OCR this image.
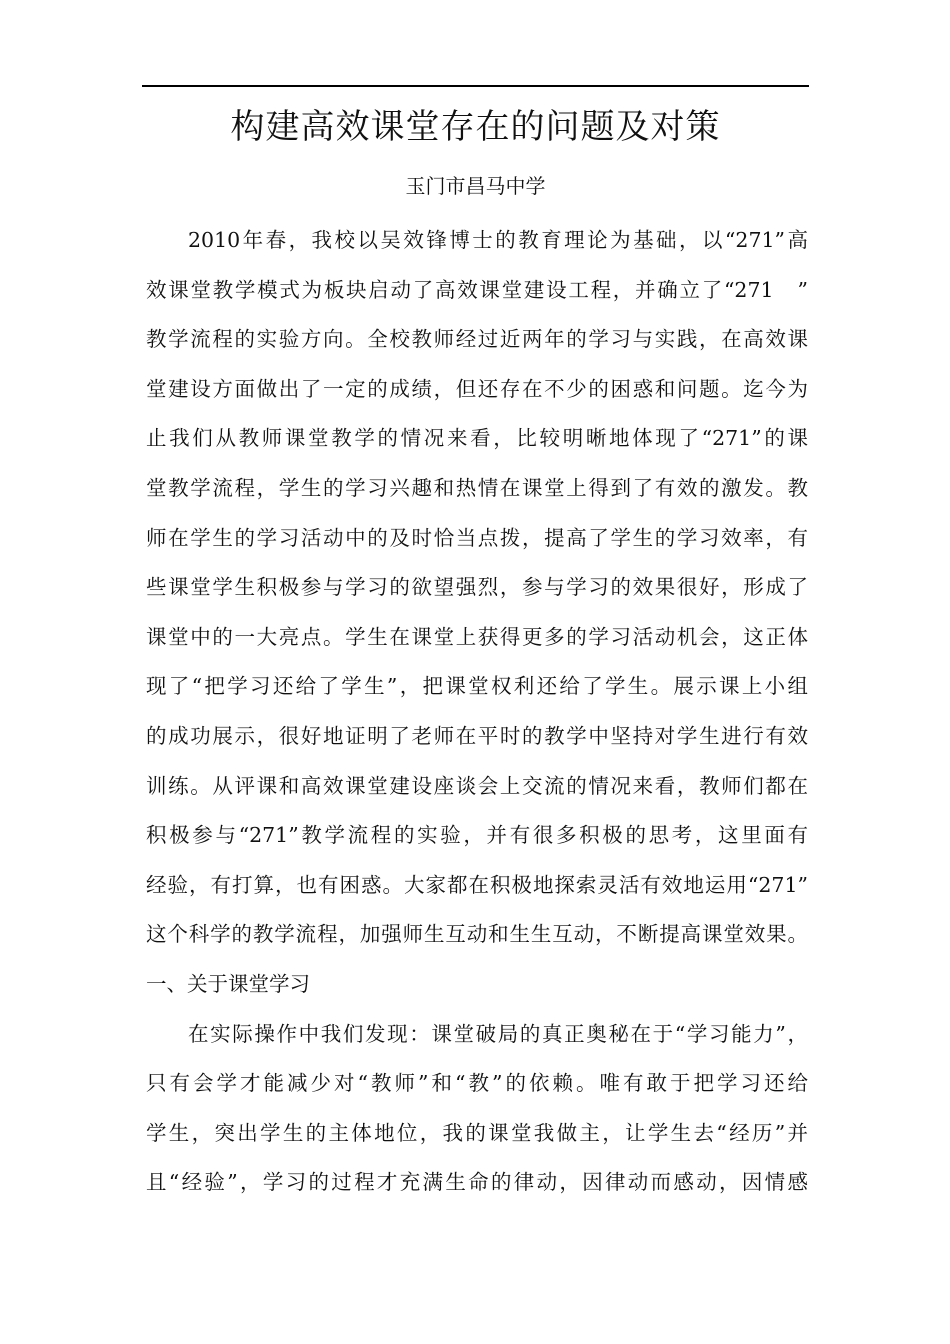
构建高效课堂存在的问题及对策

玉门市昌马中学

2010年春，我校以吴效锋博士的教育理论为基础，以“271”高
效课堂教学模式为板块启动了高效课堂建设工程，并确立了“271　”
教学流程的实验方向。全校教师经过近两年的学习与实践，在高效课
堂建设方面做出了一定的成绩，但还存在不少的困惑和问题。迄今为
止我们从教师课堂教学的情况来看，比较明晰地体现了“271”的课
堂教学流程，学生的学习兴趣和热情在课堂上得到了有效的激发。教
师在学生的学习活动中的及时恰当点拨，提高了学生的学习效率，有
些课堂学生积极参与学习的欲望强烈，参与学习的效果很好，形成了
课堂中的一大亮点。学生在课堂上获得更多的学习活动机会，这正体
现了“把学习还给了学生”，把课堂权利还给了学生。展示课上小组
的成功展示，很好地证明了老师在平时的教学中坚持对学生进行有效
训练。从评课和高效课堂建设座谈会上交流的情况来看，教师们都在
积极参与“271”教学流程的实验，并有很多积极的思考，这里面有
经验，有打算，也有困惑。大家都在积极地探索灵活有效地运用“271”
这个科学的教学流程，加强师生互动和生生互动，不断提高课堂效果。
一、关于课堂学习
在实际操作中我们发现：课堂破局的真正奥秘在于“学习能力”，
只有会学才能减少对“教师”和“教”的依赖。唯有敢于把学习还给
学生，突出学生的主体地位，我的课堂我做主，让学生去“经历”并
且“经验”，学习的过程才充满生命的律动，因律动而感动，因情感
